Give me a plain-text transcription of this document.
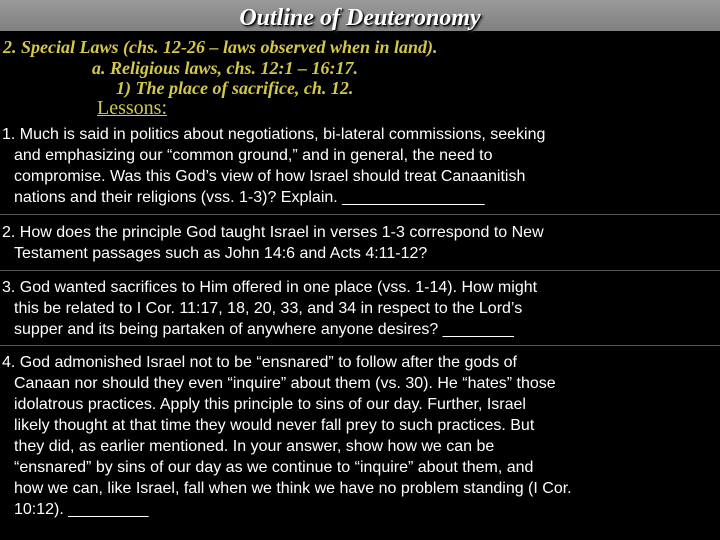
Outline of Deuteronomy
2. Special Laws (chs. 12-26 – laws observed when in land).
a. Religious laws, chs. 12:1 – 16:17.
1) The place of sacrifice, ch. 12.
Lessons:
1. Much is said in politics about negotiations, bi-lateral commissions, seeking
and emphasizing our “common ground,” and in general, the need to
compromise. Was this God’s view of how Israel should treat Canaanitish
nations and their religions (vss. 1-3)? Explain. ________________
2. How does the principle God taught Israel in verses 1-3 correspond to New
Testament passages such as John 14:6 and Acts 4:11-12?
3. God wanted sacrifices to Him offered in one place (vss. 1-14). How might
this be related to I Cor. 11:17, 18, 20, 33, and 34 in respect to the Lord’s
supper and its being partaken of anywhere anyone desires? ________
4. God admonished Israel not to be “ensnared” to follow after the gods of
Canaan nor should they even “inquire” about them (vs. 30). He “hates” those
idolatrous practices. Apply this principle to sins of our day. Further, Israel
likely thought at that time they would never fall prey to such practices. But
they did, as earlier mentioned. In your answer, show how we can be
“ensnared” by sins of our day as we continue to “inquire” about them, and
how we can, like Israel, fall when we think we have no problem standing (I Cor.
10:12). _________
